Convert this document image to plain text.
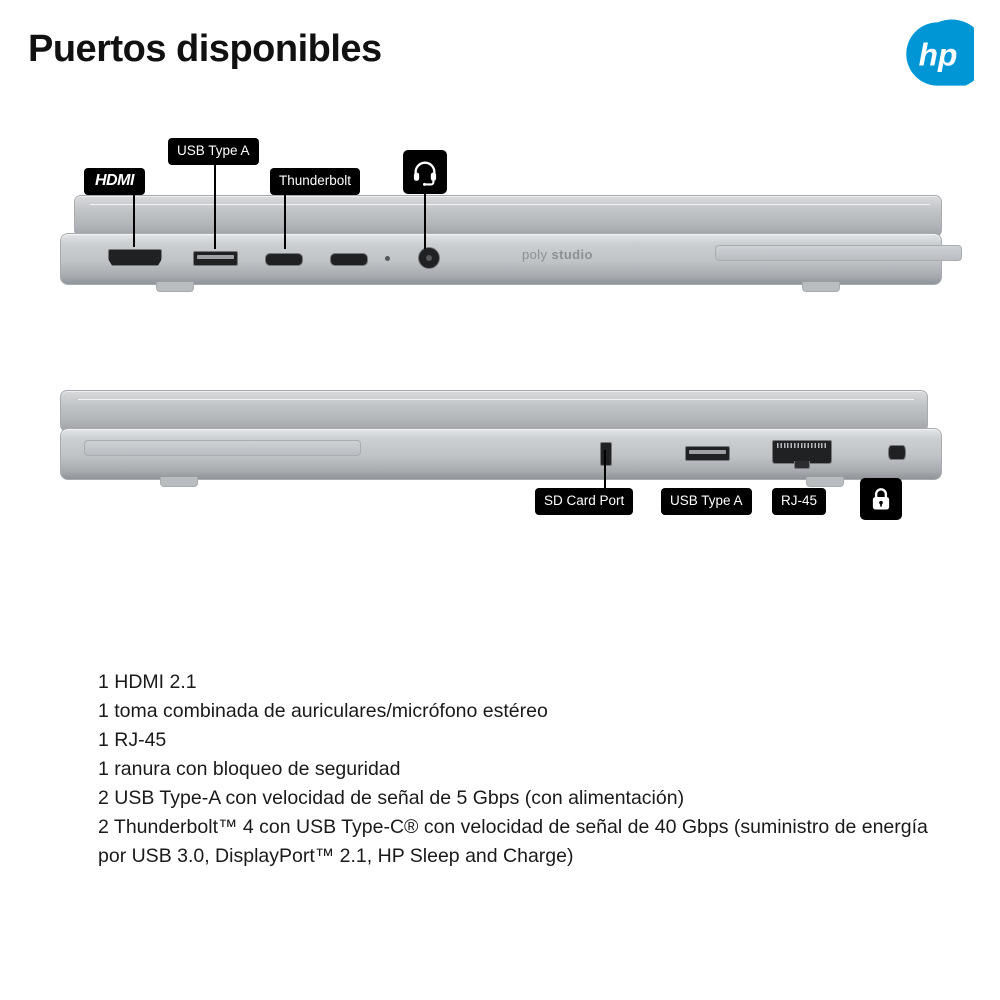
Puertos disponibles	hp
poly studio
HDMI
USB Type A
Thunderbolt
SD Card Port	USB Type A	RJ-45
1 HDMI 2.1
1 toma combinada de auriculares/micrófono estéreo
1 RJ-45
1 ranura con bloqueo de seguridad
2 USB Type-A con velocidad de señal de 5 Gbps (con alimentación)
2 Thunderbolt™ 4 con USB Type-C® con velocidad de señal de 40 Gbps (suministro de energía por USB 3.0, DisplayPort™ 2.1, HP Sleep and Charge)
